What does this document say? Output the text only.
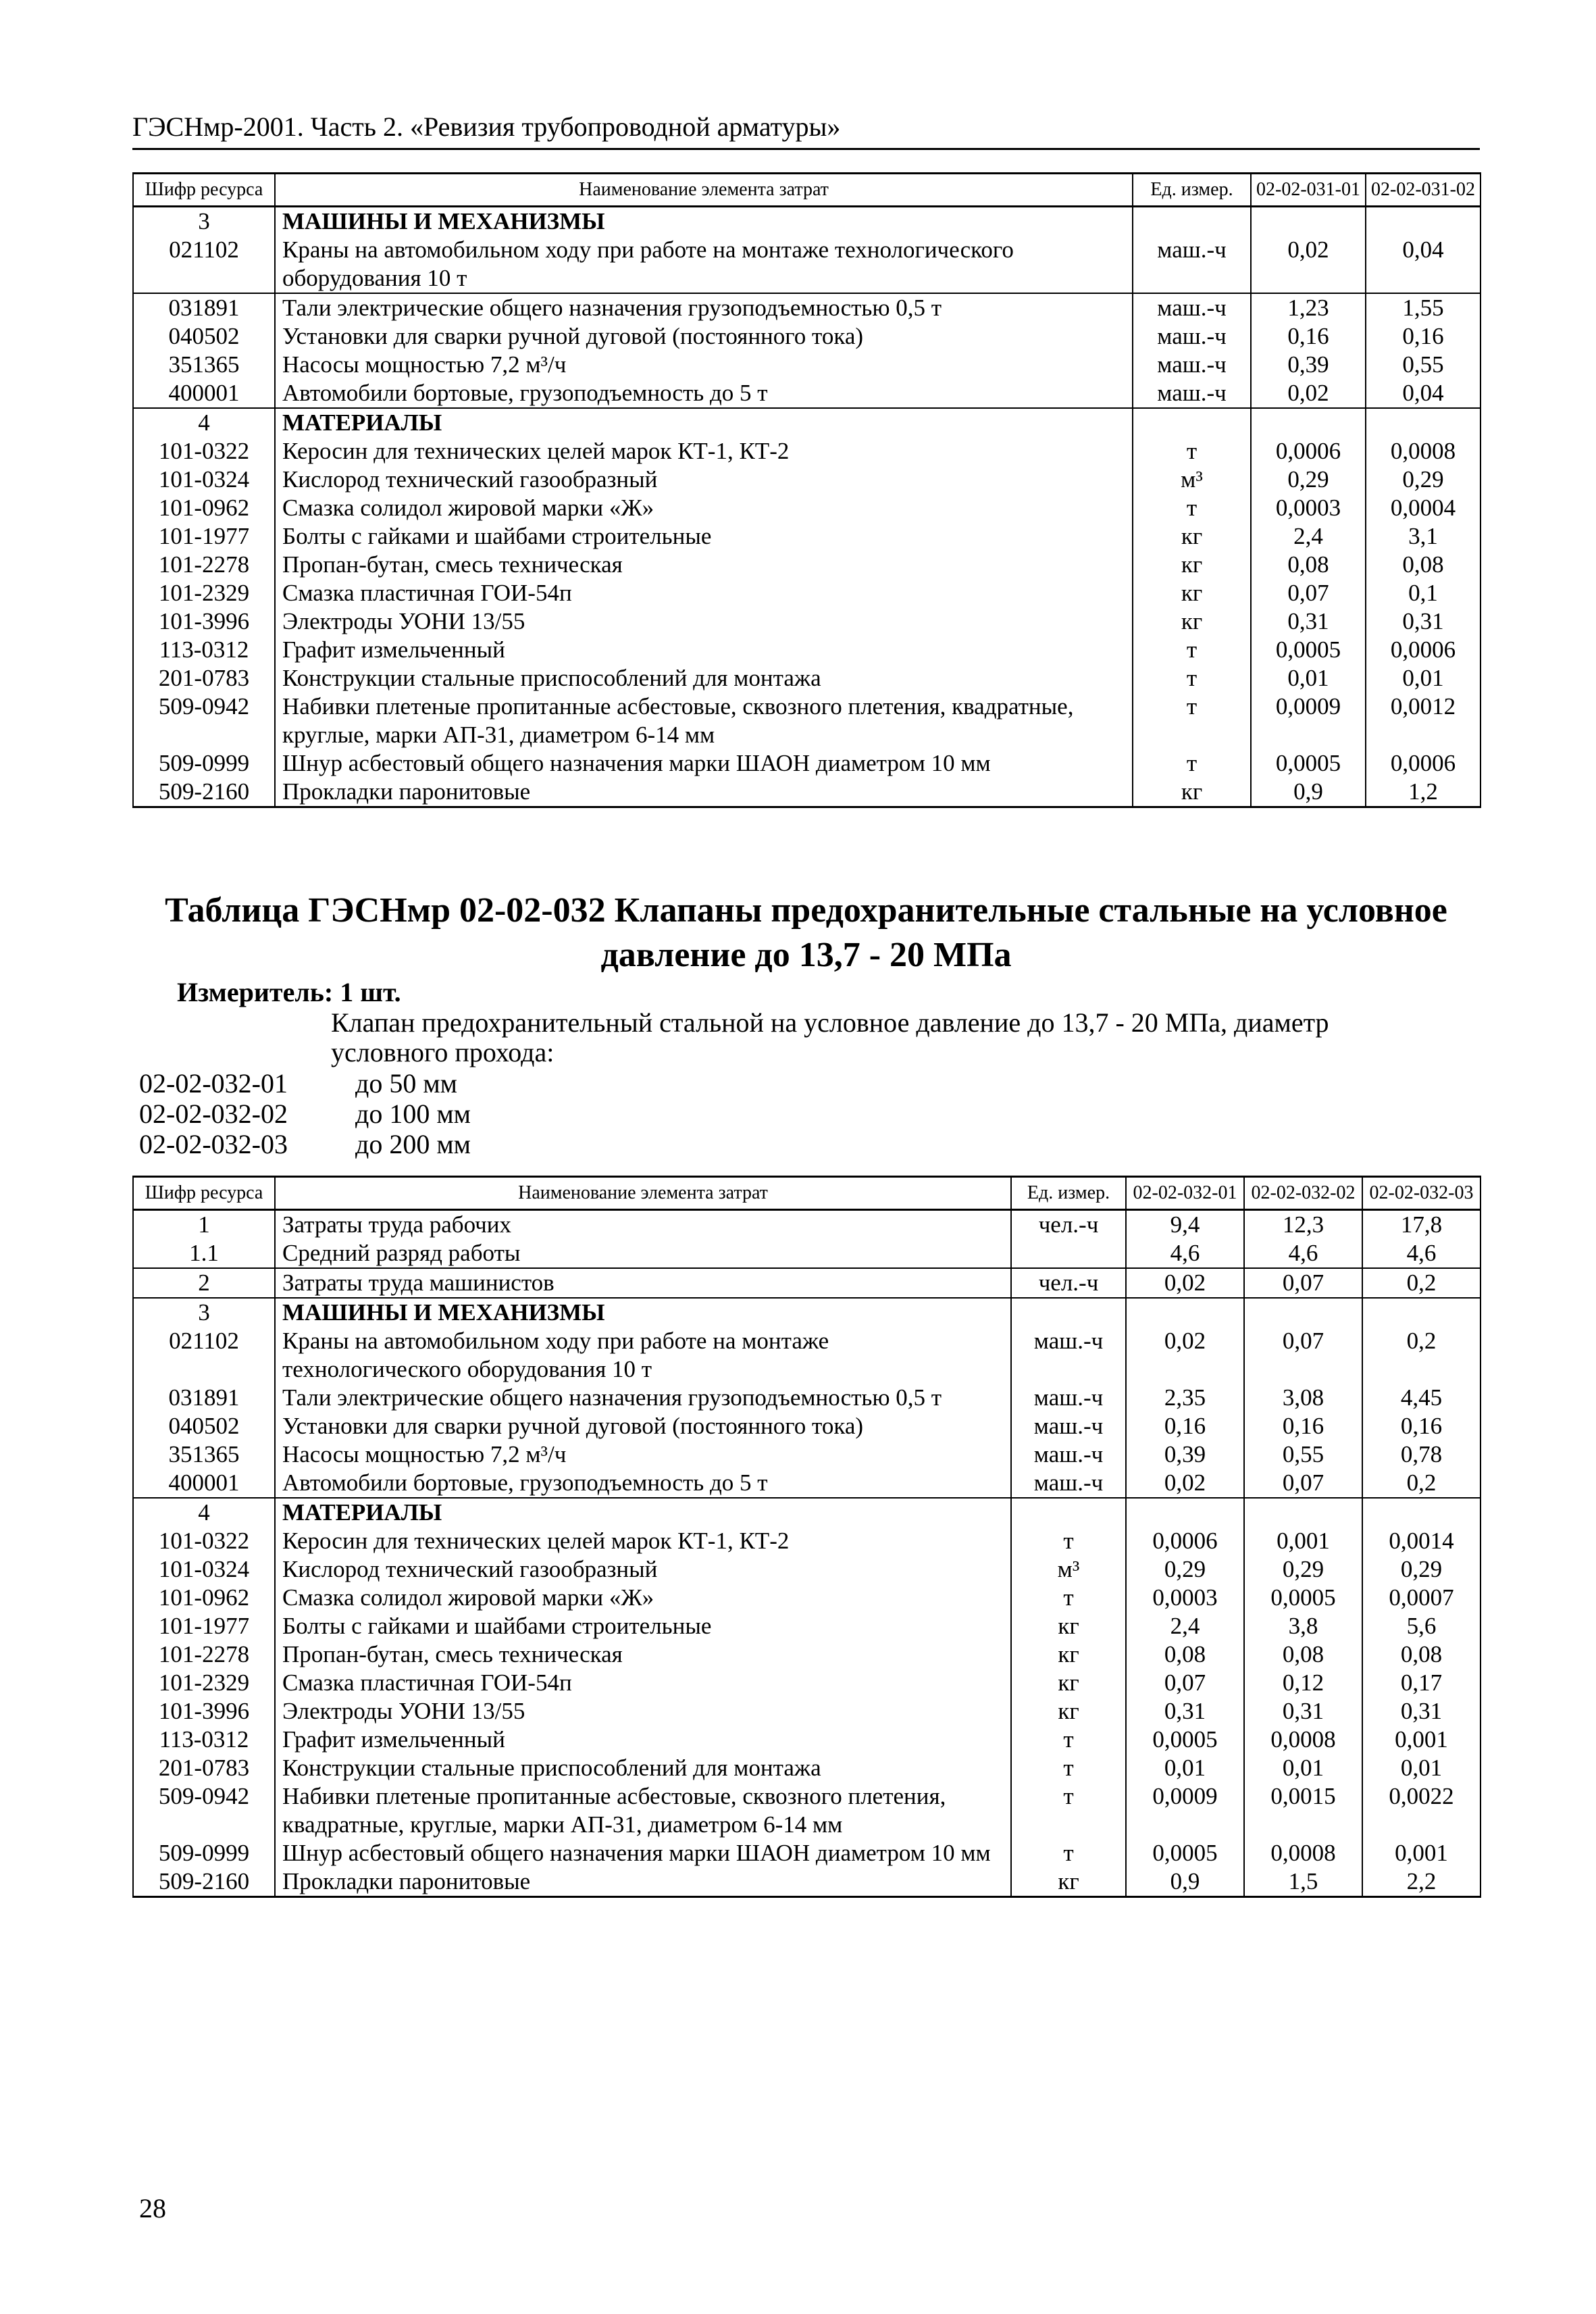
ГЭСНмр-2001. Часть 2. «Ревизия трубопроводной арматуры»
Шифр ресурса	Наименование элемента затрат	Ед. измер.	02-02-031-01	02-02-031-02
3	МАШИНЫ И МЕХАНИЗМЫ			
021102	Краны на автомобильном ходу при работе на монтаже технологического оборудования 10 т	маш.-ч	0,02	0,04
031891	Тали электрические общего назначения грузоподъемностью 0,5 т	маш.-ч	1,23	1,55
040502	Установки для сварки ручной дуговой (постоянного тока)	маш.-ч	0,16	0,16
351365	Насосы мощностью 7,2 м³/ч	маш.-ч	0,39	0,55
400001	Автомобили бортовые, грузоподъемность до 5 т	маш.-ч	0,02	0,04
4	МАТЕРИАЛЫ			
101-0322	Керосин для технических целей марок КТ-1, КТ-2	т	0,0006	0,0008
101-0324	Кислород технический газообразный	м³	0,29	0,29
101-0962	Смазка солидол жировой марки «Ж»	т	0,0003	0,0004
101-1977	Болты с гайками и шайбами строительные	кг	2,4	3,1
101-2278	Пропан-бутан, смесь техническая	кг	0,08	0,08
101-2329	Смазка пластичная ГОИ-54п	кг	0,07	0,1
101-3996	Электроды УОНИ 13/55	кг	0,31	0,31
113-0312	Графит измельченный	т	0,0005	0,0006
201-0783	Конструкции стальные приспособлений для монтажа	т	0,01	0,01
509-0942	Набивки плетеные пропитанные асбестовые, сквозного плетения, квадратные, круглые, марки АП-31, диаметром 6-14 мм	т	0,0009	0,0012
509-0999	Шнур асбестовый общего назначения марки ШАОН диаметром 10 мм	т	0,0005	0,0006
509-2160	Прокладки паронитовые	кг	0,9	1,2
Таблица ГЭСНмр 02-02-032 Клапаны предохранительные стальные на условное
давление до 13,7 - 20 МПа
Измеритель: 1 шт.
Клапан предохранительный стальной на условное давление до 13,7 - 20 МПа, диаметр
условного прохода:
02-02-032-01	до 50 мм
02-02-032-02	до 100 мм
02-02-032-03	до 200 мм
Шифр ресурса	Наименование элемента затрат	Ед. измер.	02-02-032-01	02-02-032-02	02-02-032-03
1	Затраты труда рабочих	чел.-ч	9,4	12,3	17,8
1.1	Средний разряд работы		4,6	4,6	4,6
2	Затраты труда машинистов	чел.-ч	0,02	0,07	0,2
3	МАШИНЫ И МЕХАНИЗМЫ				
021102	Краны на автомобильном ходу при работе на монтаже технологического оборудования 10 т	маш.-ч	0,02	0,07	0,2
031891	Тали электрические общего назначения грузоподъемностью 0,5 т	маш.-ч	2,35	3,08	4,45
040502	Установки для сварки ручной дуговой (постоянного тока)	маш.-ч	0,16	0,16	0,16
351365	Насосы мощностью 7,2 м³/ч	маш.-ч	0,39	0,55	0,78
400001	Автомобили бортовые, грузоподъемность до 5 т	маш.-ч	0,02	0,07	0,2
4	МАТЕРИАЛЫ				
101-0322	Керосин для технических целей марок КТ-1, КТ-2	т	0,0006	0,001	0,0014
101-0324	Кислород технический газообразный	м³	0,29	0,29	0,29
101-0962	Смазка солидол жировой марки «Ж»	т	0,0003	0,0005	0,0007
101-1977	Болты с гайками и шайбами строительные	кг	2,4	3,8	5,6
101-2278	Пропан-бутан, смесь техническая	кг	0,08	0,08	0,08
101-2329	Смазка пластичная ГОИ-54п	кг	0,07	0,12	0,17
101-3996	Электроды УОНИ 13/55	кг	0,31	0,31	0,31
113-0312	Графит измельченный	т	0,0005	0,0008	0,001
201-0783	Конструкции стальные приспособлений для монтажа	т	0,01	0,01	0,01
509-0942	Набивки плетеные пропитанные асбестовые, сквозного плетения, квадратные, круглые, марки АП-31, диаметром 6-14 мм	т	0,0009	0,0015	0,0022
509-0999	Шнур асбестовый общего назначения марки ШАОН диаметром 10 мм	т	0,0005	0,0008	0,001
509-2160	Прокладки паронитовые	кг	0,9	1,5	2,2
28
